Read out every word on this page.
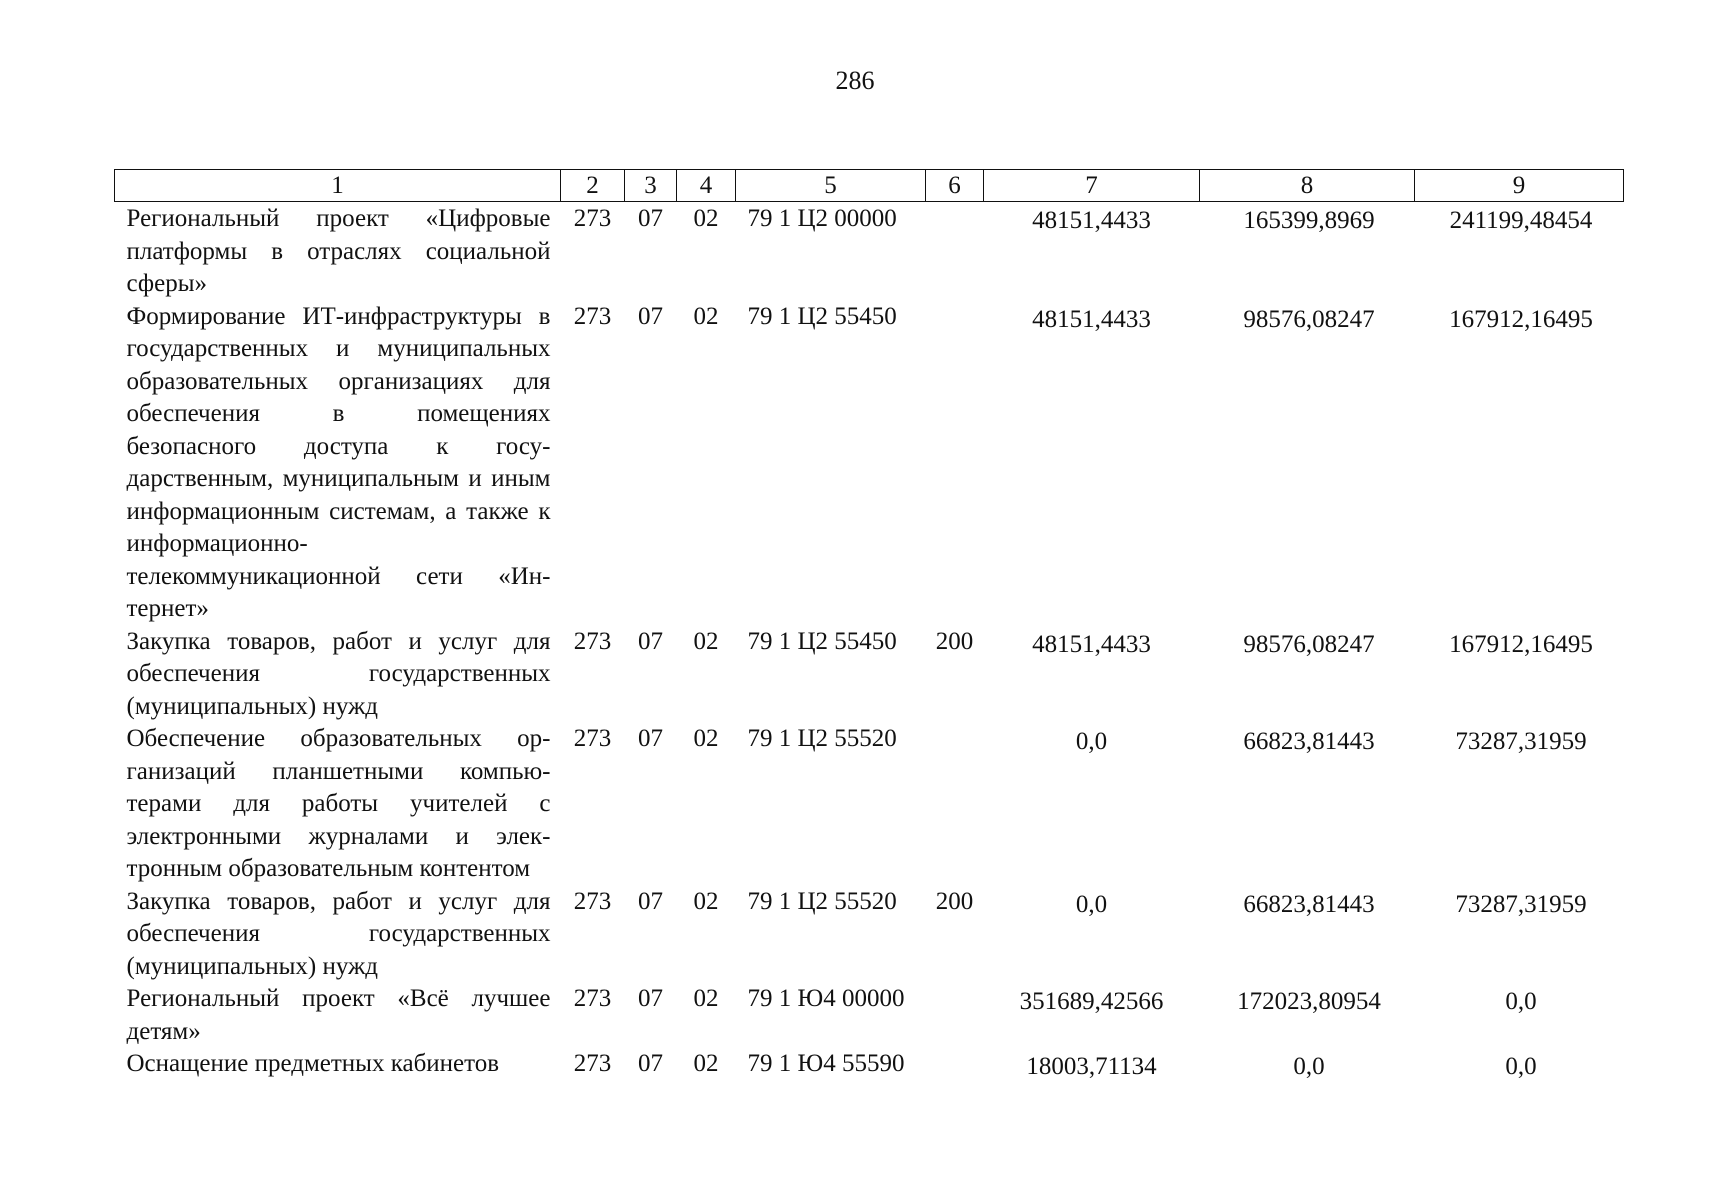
286
1	2	3	4	5	6	7	8	9
Региональный проект «Цифровые платформы в отраслях социальной сферы»	273	07	02	79 1 Ц2 00000		48151,4433	165399,8969	241199,48454
Формирование ИТ-инфраструктуры в государственных и муниципальных образовательных организациях для обеспечения в помещениях безопасного доступа к государственным, муниципальным и иным информационным системам, а также к информационно-телекоммуникационной сети «Интернет»	273	07	02	79 1 Ц2 55450		48151,4433	98576,08247	167912,16495
Закупка товаров, работ и услуг для обеспечения государственных (муниципальных) нужд	273	07	02	79 1 Ц2 55450	200	48151,4433	98576,08247	167912,16495
Обеспечение образовательных организаций планшетными компьютерами для работы учителей с электронными журналами и электронным образовательным контентом	273	07	02	79 1 Ц2 55520		0,0	66823,81443	73287,31959
Закупка товаров, работ и услуг для обеспечения государственных (муниципальных) нужд	273	07	02	79 1 Ц2 55520	200	0,0	66823,81443	73287,31959
Региональный проект «Всё лучшее детям»	273	07	02	79 1 Ю4 00000		351689,42566	172023,80954	0,0
Оснащение предметных кабинетов	273	07	02	79 1 Ю4 55590		18003,71134	0,0	0,0
